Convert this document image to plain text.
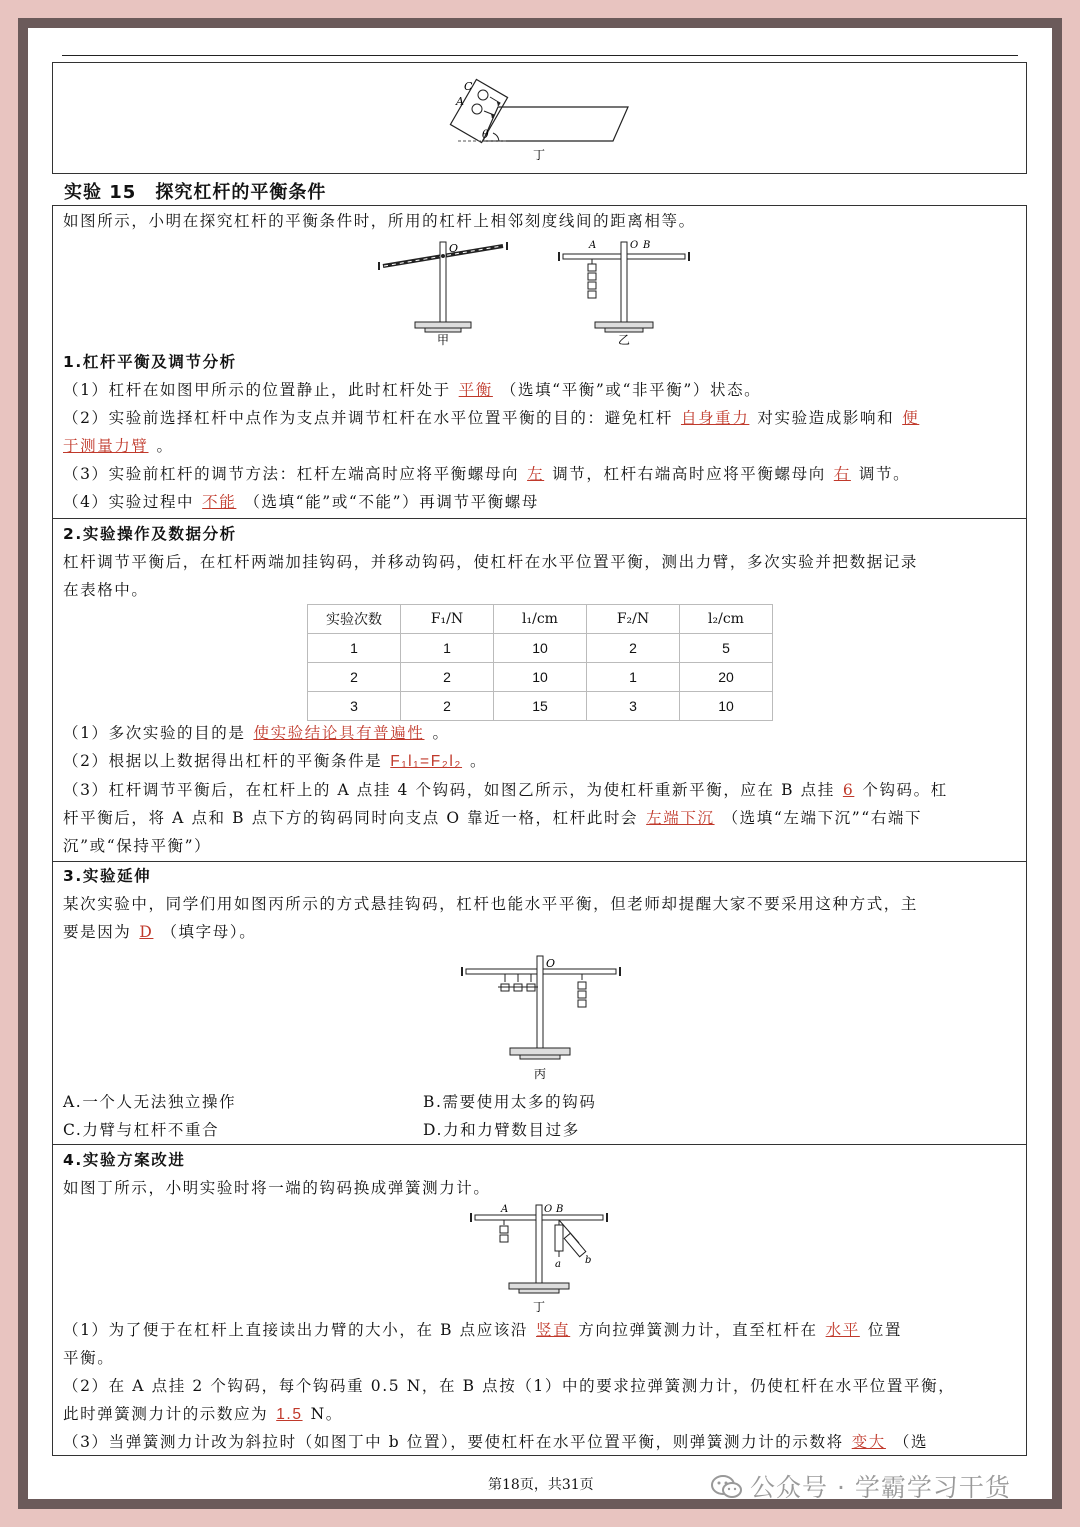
C
A
θ
丁
实验 15　探究杠杆的平衡条件
如图所示，小明在探究杠杆的平衡条件时，所用的杠杆上相邻刻度线间的距离相等。
O
甲
A	O B
乙
1.杠杆平衡及调节分析
（1）杠杆在如图甲所示的位置静止，此时杠杆处于 平衡 （选填“平衡”或“非平衡”）状态。
（2）实验前选择杠杆中点作为支点并调节杠杆在水平位置平衡的目的：避免杠杆 自身重力 对实验造成影响和 便
于测量力臂 。
（3）实验前杠杆的调节方法：杠杆左端高时应将平衡螺母向 左 调节，杠杆右端高时应将平衡螺母向 右 调节。
（4）实验过程中 不能 （选填“能”或“不能”）再调节平衡螺母
2.实验操作及数据分析
杠杆调节平衡后，在杠杆两端加挂钩码，并移动钩码，使杠杆在水平位置平衡，测出力臂，多次实验并把数据记录
在表格中。
实验次数	F₁/N	l₁/cm	F₂/N	l₂/cm
1	1	10	2	5
2	2	10	1	20
3	2	15	3	10
（1）多次实验的目的是 使实验结论具有普遍性 。
（2）根据以上数据得出杠杆的平衡条件是 F₁l₁=F₂l₂ 。
（3）杠杆调节平衡后，在杠杆上的 A 点挂 4 个钩码，如图乙所示，为使杠杆重新平衡，应在 B 点挂 6 个钩码。杠
杆平衡后，将 A 点和 B 点下方的钩码同时向支点 O 靠近一格，杠杆此时会 左端下沉 （选填“左端下沉”“右端下
沉”或“保持平衡”）
3.实验延伸
某次实验中，同学们用如图丙所示的方式悬挂钩码，杠杆也能水平平衡，但老师却提醒大家不要采用这种方式，主
要是因为 D （填字母）。
O
丙
A.一个人无法独立操作	B.需要使用太多的钩码
C.力臂与杠杆不重合	D.力和力臂数目过多
4.实验方案改进
如图丁所示，小明实验时将一端的钩码换成弹簧测力计。
A	O B
a b
丁
（1）为了便于在杠杆上直接读出力臂的大小，在 B 点应该沿 竖直 方向拉弹簧测力计，直至杠杆在 水平 位置
平衡。
（2）在 A 点挂 2 个钩码，每个钩码重 0.5 N，在 B 点按（1）中的要求拉弹簧测力计，仍使杠杆在水平位置平衡，
此时弹簧测力计的示数应为 1.5 N。
（3）当弹簧测力计改为斜拉时（如图丁中 b 位置），要使杠杆在水平位置平衡，则弹簧测力计的示数将 变大 （选
第18页，共31页	公众号 · 学霸学习干货
